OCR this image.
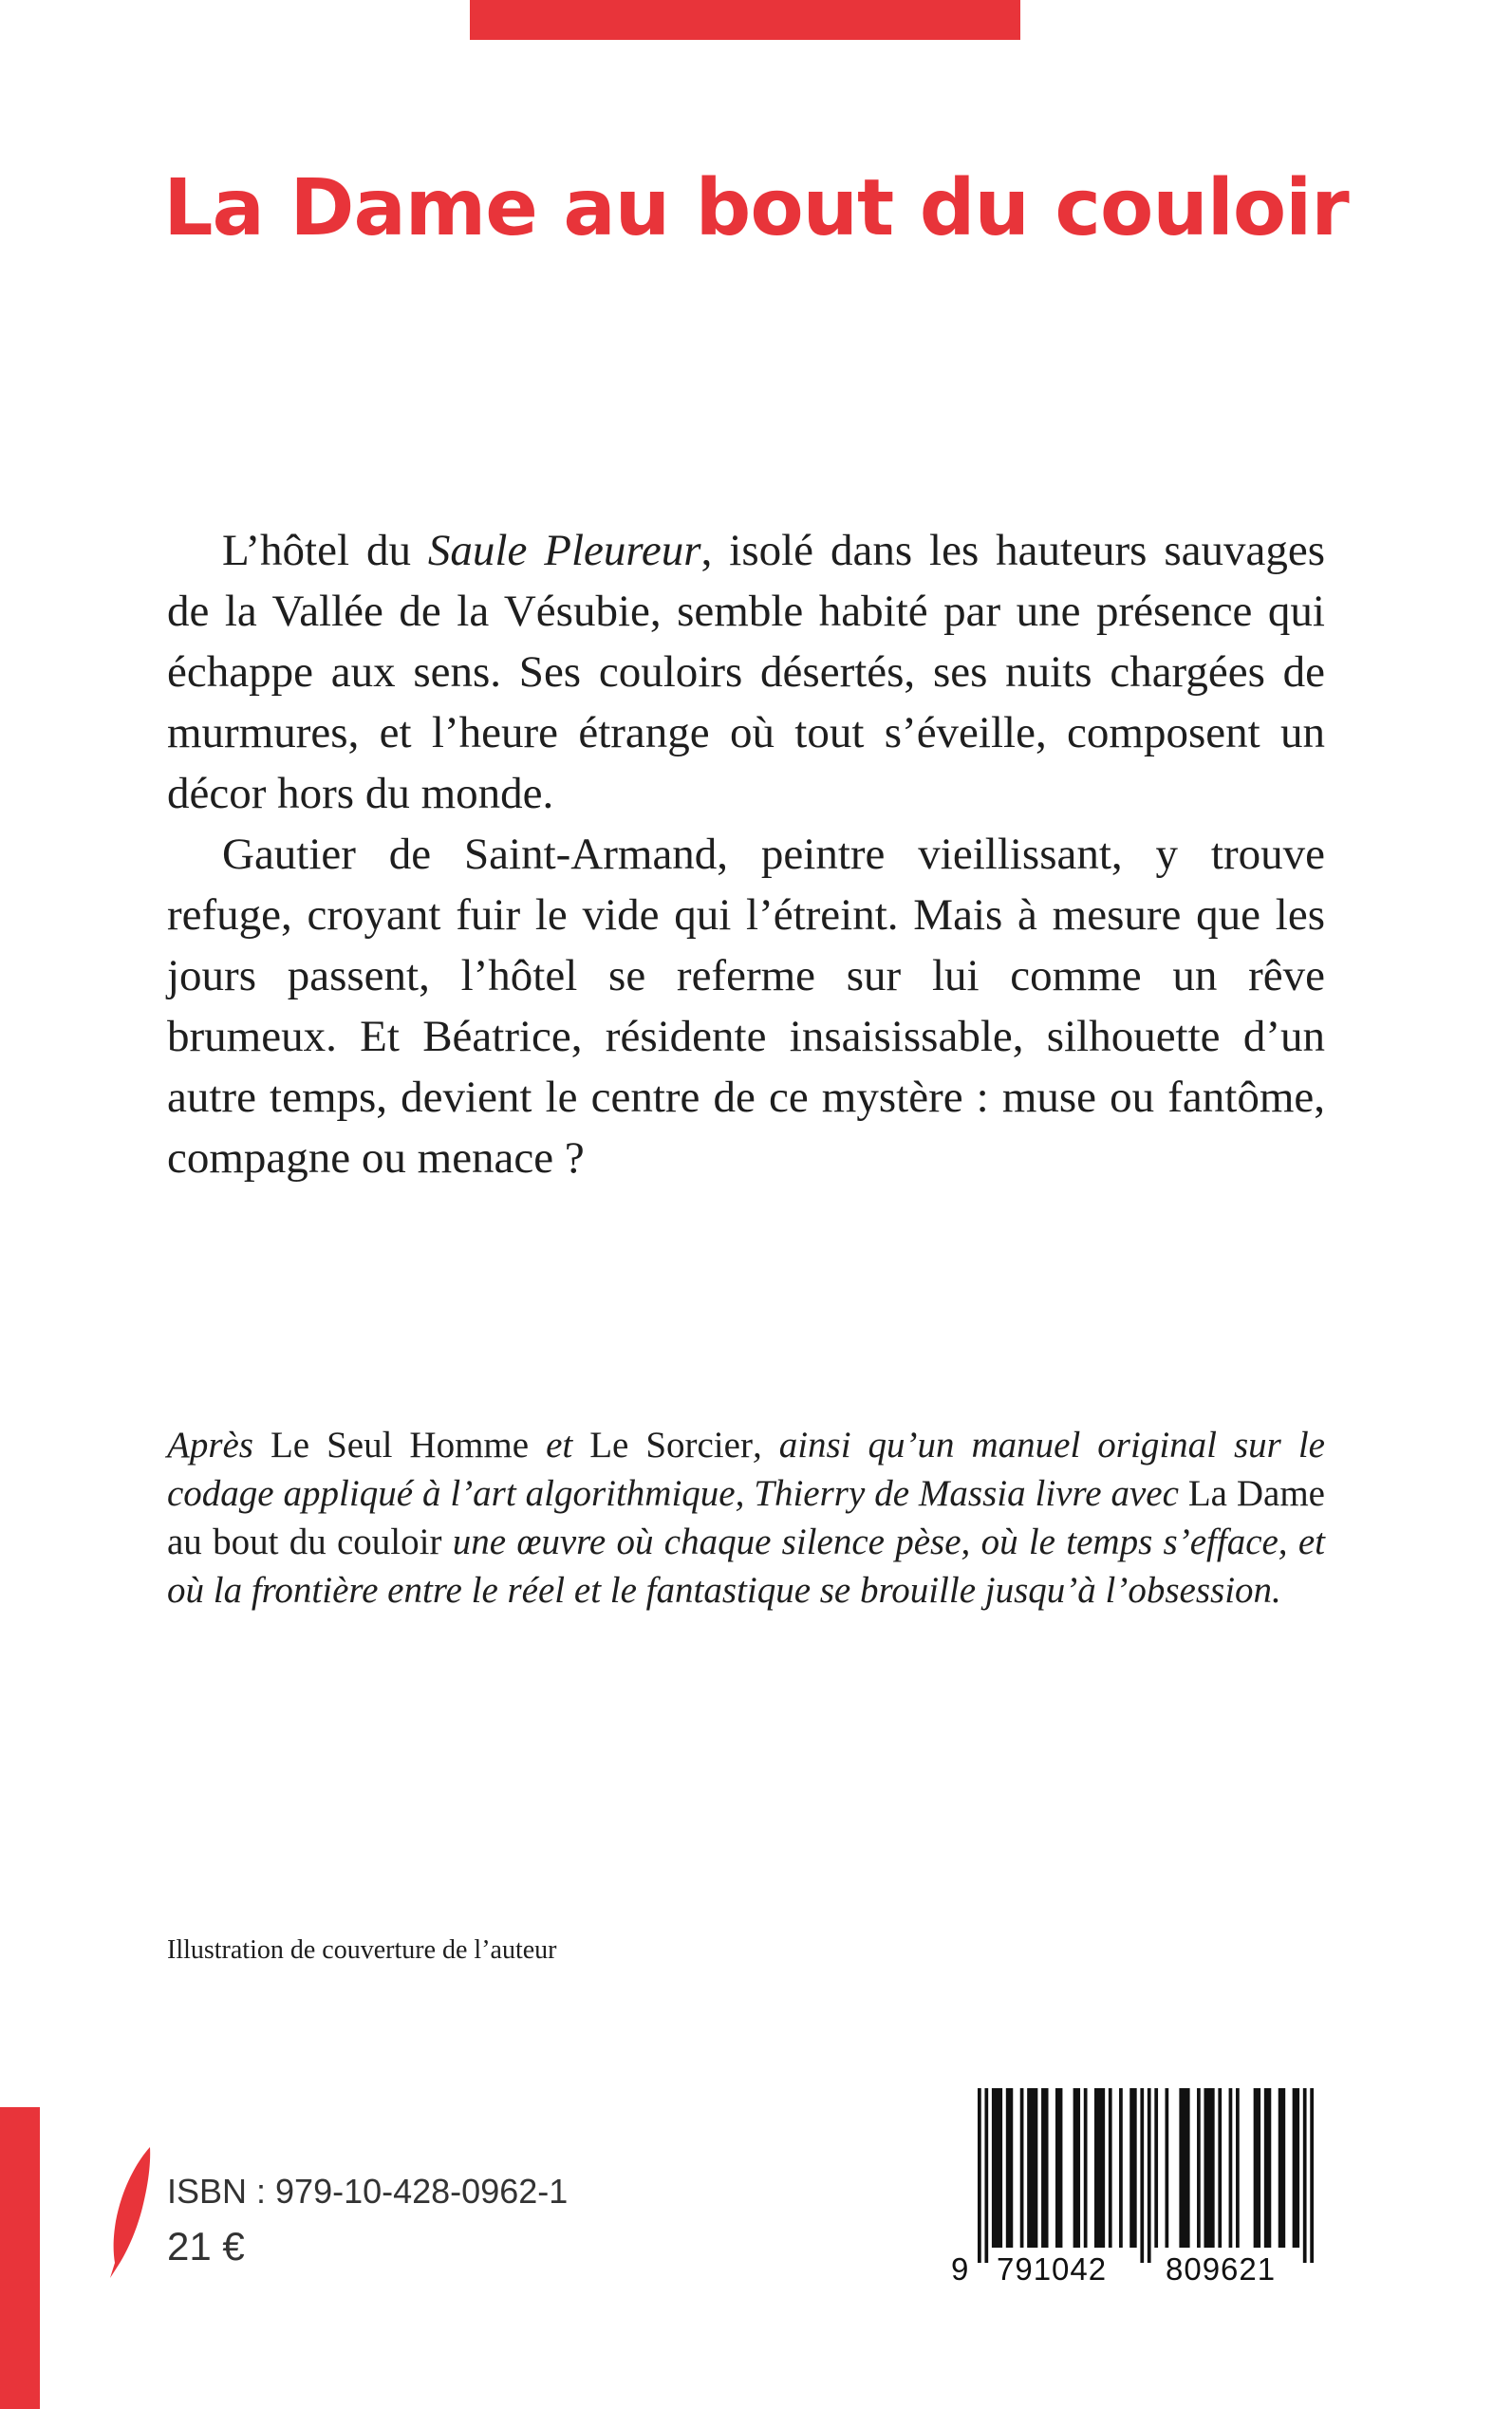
La Dame au bout du couloir

L’hôtel du Saule Pleureur, isolé dans les hauteurs sauvages de la Vallée de la Vésubie, semble habité par une présence qui échappe aux sens. Ses couloirs désertés, ses nuits chargées de murmures, et l’heure étrange où tout s’éveille, composent un décor hors du monde.

Gautier de Saint-Armand, peintre vieillissant, y trouve refuge, croyant fuir le vide qui l’étreint. Mais à mesure que les jours passent, l’hôtel se referme sur lui comme un rêve brumeux. Et Béatrice, résidente insaisissable, silhouette d’un autre temps, devient le centre de ce mystère : muse ou fantôme, compagne ou menace ?

Après Le Seul Homme et Le Sorcier, ainsi qu’un manuel original sur le codage appliqué à l’art algorithmique, Thierry de Massia livre avec La Dame au bout du couloir une œuvre où chaque silence pèse, où le temps s’efface, et où la frontière entre le réel et le fantastique se brouille jusqu’à l’obsession.

Illustration de couverture de l’auteur

ISBN : 979-10-428-0962-1
21 €
9 791042 809621
